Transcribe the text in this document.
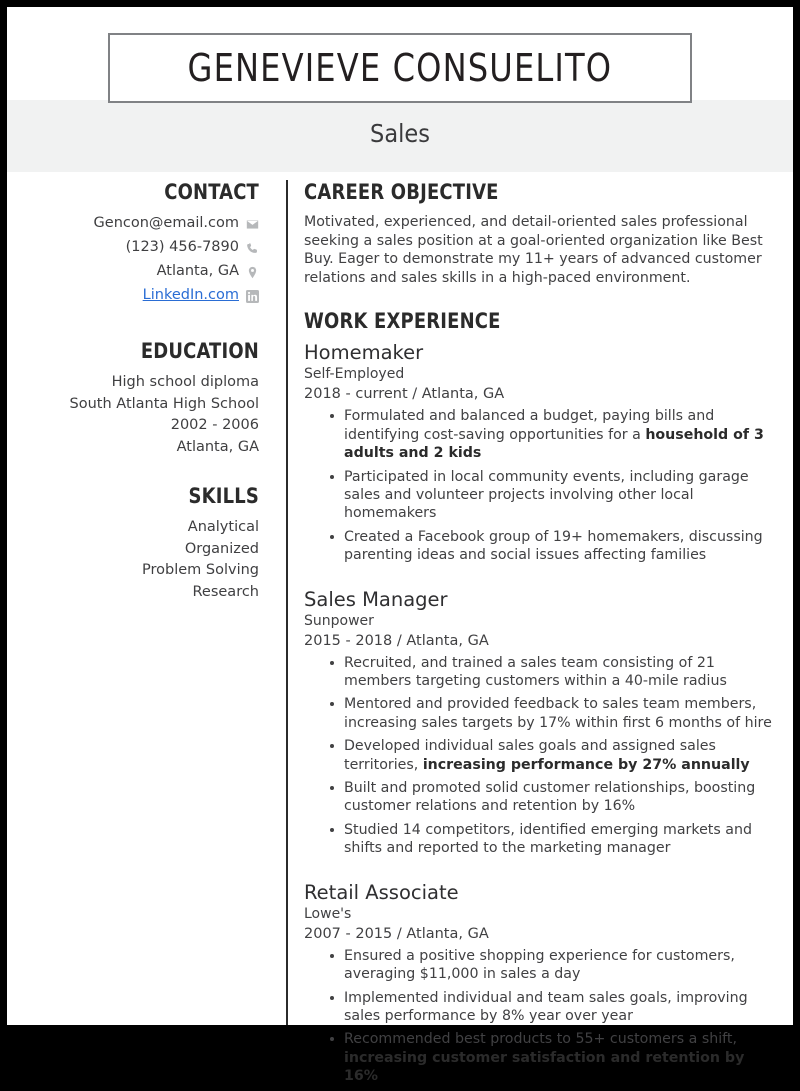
GENEVIEVE CONSUELITO
Sales
CONTACT
Gencon@email.com
(123) 456-7890
Atlanta, GA
LinkedIn.com
EDUCATION
High school diploma
South Atlanta High School
2002 - 2006
Atlanta, GA
SKILLS
Analytical
Organized
Problem Solving
Research
CAREER OBJECTIVE
Motivated, experienced, and detail-oriented sales professional seeking a sales position at a goal-oriented organization like Best Buy. Eager to demonstrate my 11+ years of advanced customer relations and sales skills in a high-paced environment.
WORK EXPERIENCE
Homemaker
Self-Employed
2018 - current / Atlanta, GA
Formulated and balanced a budget, paying bills and identifying cost-saving opportunities for a household of 3 adults and 2 kids
Participated in local community events, including garage sales and volunteer projects involving other local homemakers
Created a Facebook group of 19+ homemakers, discussing parenting ideas and social issues affecting families
Sales Manager
Sunpower
2015 - 2018 / Atlanta, GA
Recruited, and trained a sales team consisting of 21 members targeting customers within a 40-mile radius
Mentored and provided feedback to sales team members, increasing sales targets by 17% within first 6 months of hire
Developed individual sales goals and assigned sales territories, increasing performance by 27% annually
Built and promoted solid customer relationships, boosting customer relations and retention by 16%
Studied 14 competitors, identified emerging markets and shifts and reported to the marketing manager
Retail Associate
Lowe's
2007 - 2015 / Atlanta, GA
Ensured a positive shopping experience for customers, averaging $11,000 in sales a day
Implemented individual and team sales goals, improving sales performance by 8% year over year
Recommended best products to 55+ customers a shift, increasing customer satisfaction and retention by 16%
